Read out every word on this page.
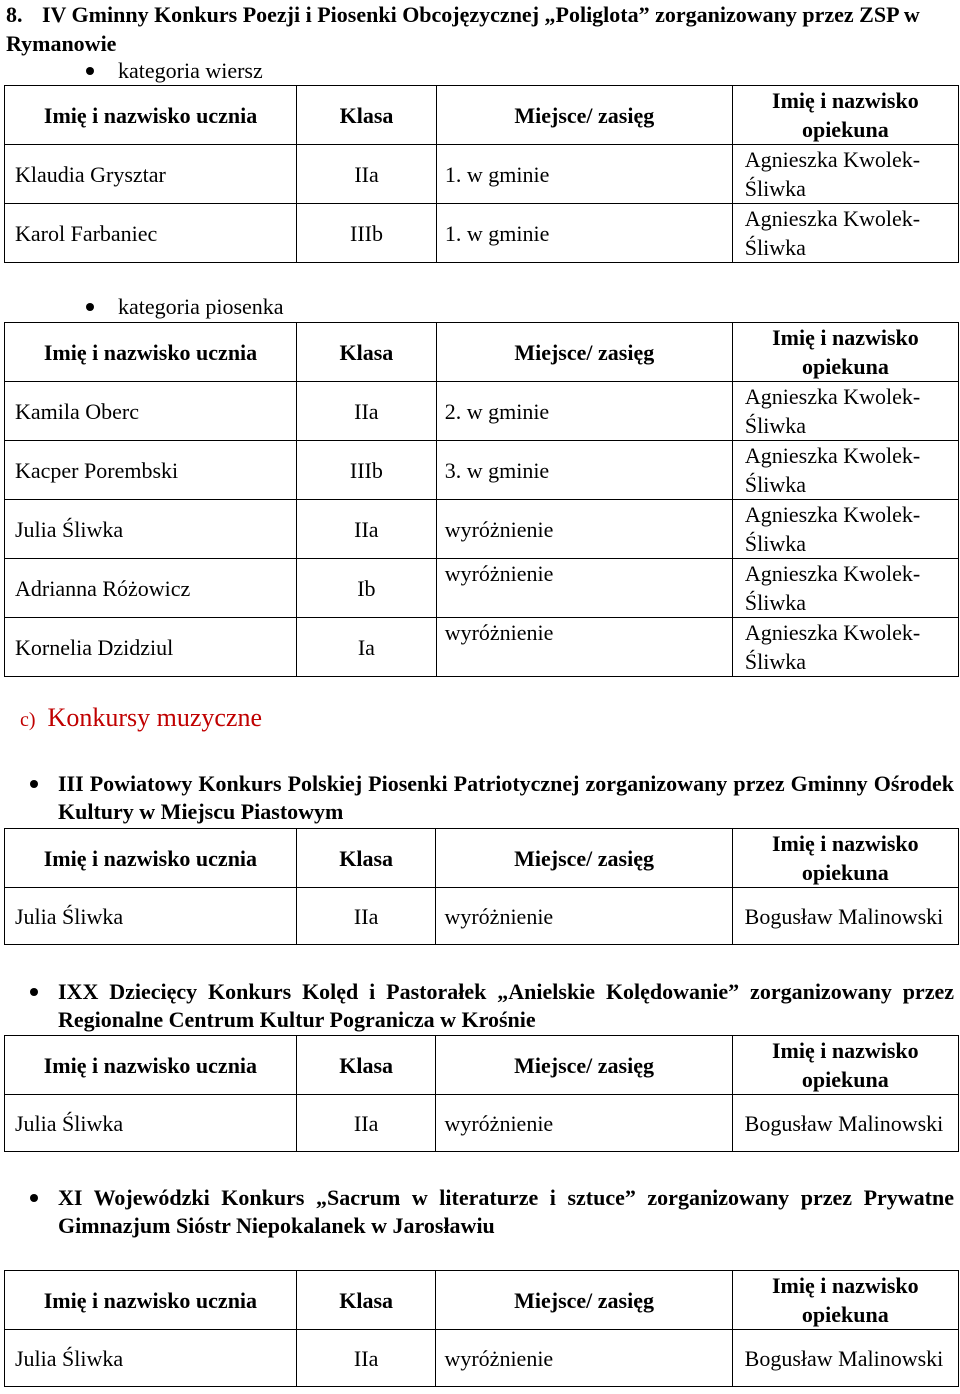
8. IV Gminny Konkurs Poezji i Piosenki Obcojęzycznej „Poliglota” zorganizowany przez ZSP w Rymanowie
kategoria wiersz
Imię i nazwisko ucznia	Klasa	Miejsce/ zasięg	Imię i nazwisko opiekuna
Klaudia Grysztar	IIa	1. w gminie	Agnieszka Kwolek-Śliwka
Karol Farbaniec	IIIb	1. w gminie	Agnieszka Kwolek-Śliwka
kategoria piosenka
Imię i nazwisko ucznia	Klasa	Miejsce/ zasięg	Imię i nazwisko opiekuna
Kamila Oberc	IIa	2. w gminie	Agnieszka Kwolek-Śliwka
Kacper Porembski	IIIb	3. w gminie	Agnieszka Kwolek-Śliwka
Julia Śliwka	IIa	wyróżnienie	Agnieszka Kwolek-Śliwka
Adrianna Różowicz	Ib	wyróżnienie	Agnieszka Kwolek-Śliwka
Kornelia Dzidziul	Ia	wyróżnienie	Agnieszka Kwolek-Śliwka
c) Konkursy muzyczne
III Powiatowy Konkurs Polskiej Piosenki Patriotycznej zorganizowany przez Gminny Ośrodek Kultury w Miejscu Piastowym
Imię i nazwisko ucznia	Klasa	Miejsce/ zasięg	Imię i nazwisko opiekuna
Julia Śliwka	IIa	wyróżnienie	Bogusław Malinowski
IXX Dziecięcy Konkurs Kolęd i Pastorałek „Anielskie Kolędowanie” zorganizowany przez Regionalne Centrum Kultur Pogranicza w Krośnie
Imię i nazwisko ucznia	Klasa	Miejsce/ zasięg	Imię i nazwisko opiekuna
Julia Śliwka	IIa	wyróżnienie	Bogusław Malinowski
XI Wojewódzki Konkurs „Sacrum w literaturze i sztuce” zorganizowany przez Prywatne Gimnazjum Sióstr Niepokalanek w Jarosławiu
Imię i nazwisko ucznia	Klasa	Miejsce/ zasięg	Imię i nazwisko opiekuna
Julia Śliwka	IIa	wyróżnienie	Bogusław Malinowski
